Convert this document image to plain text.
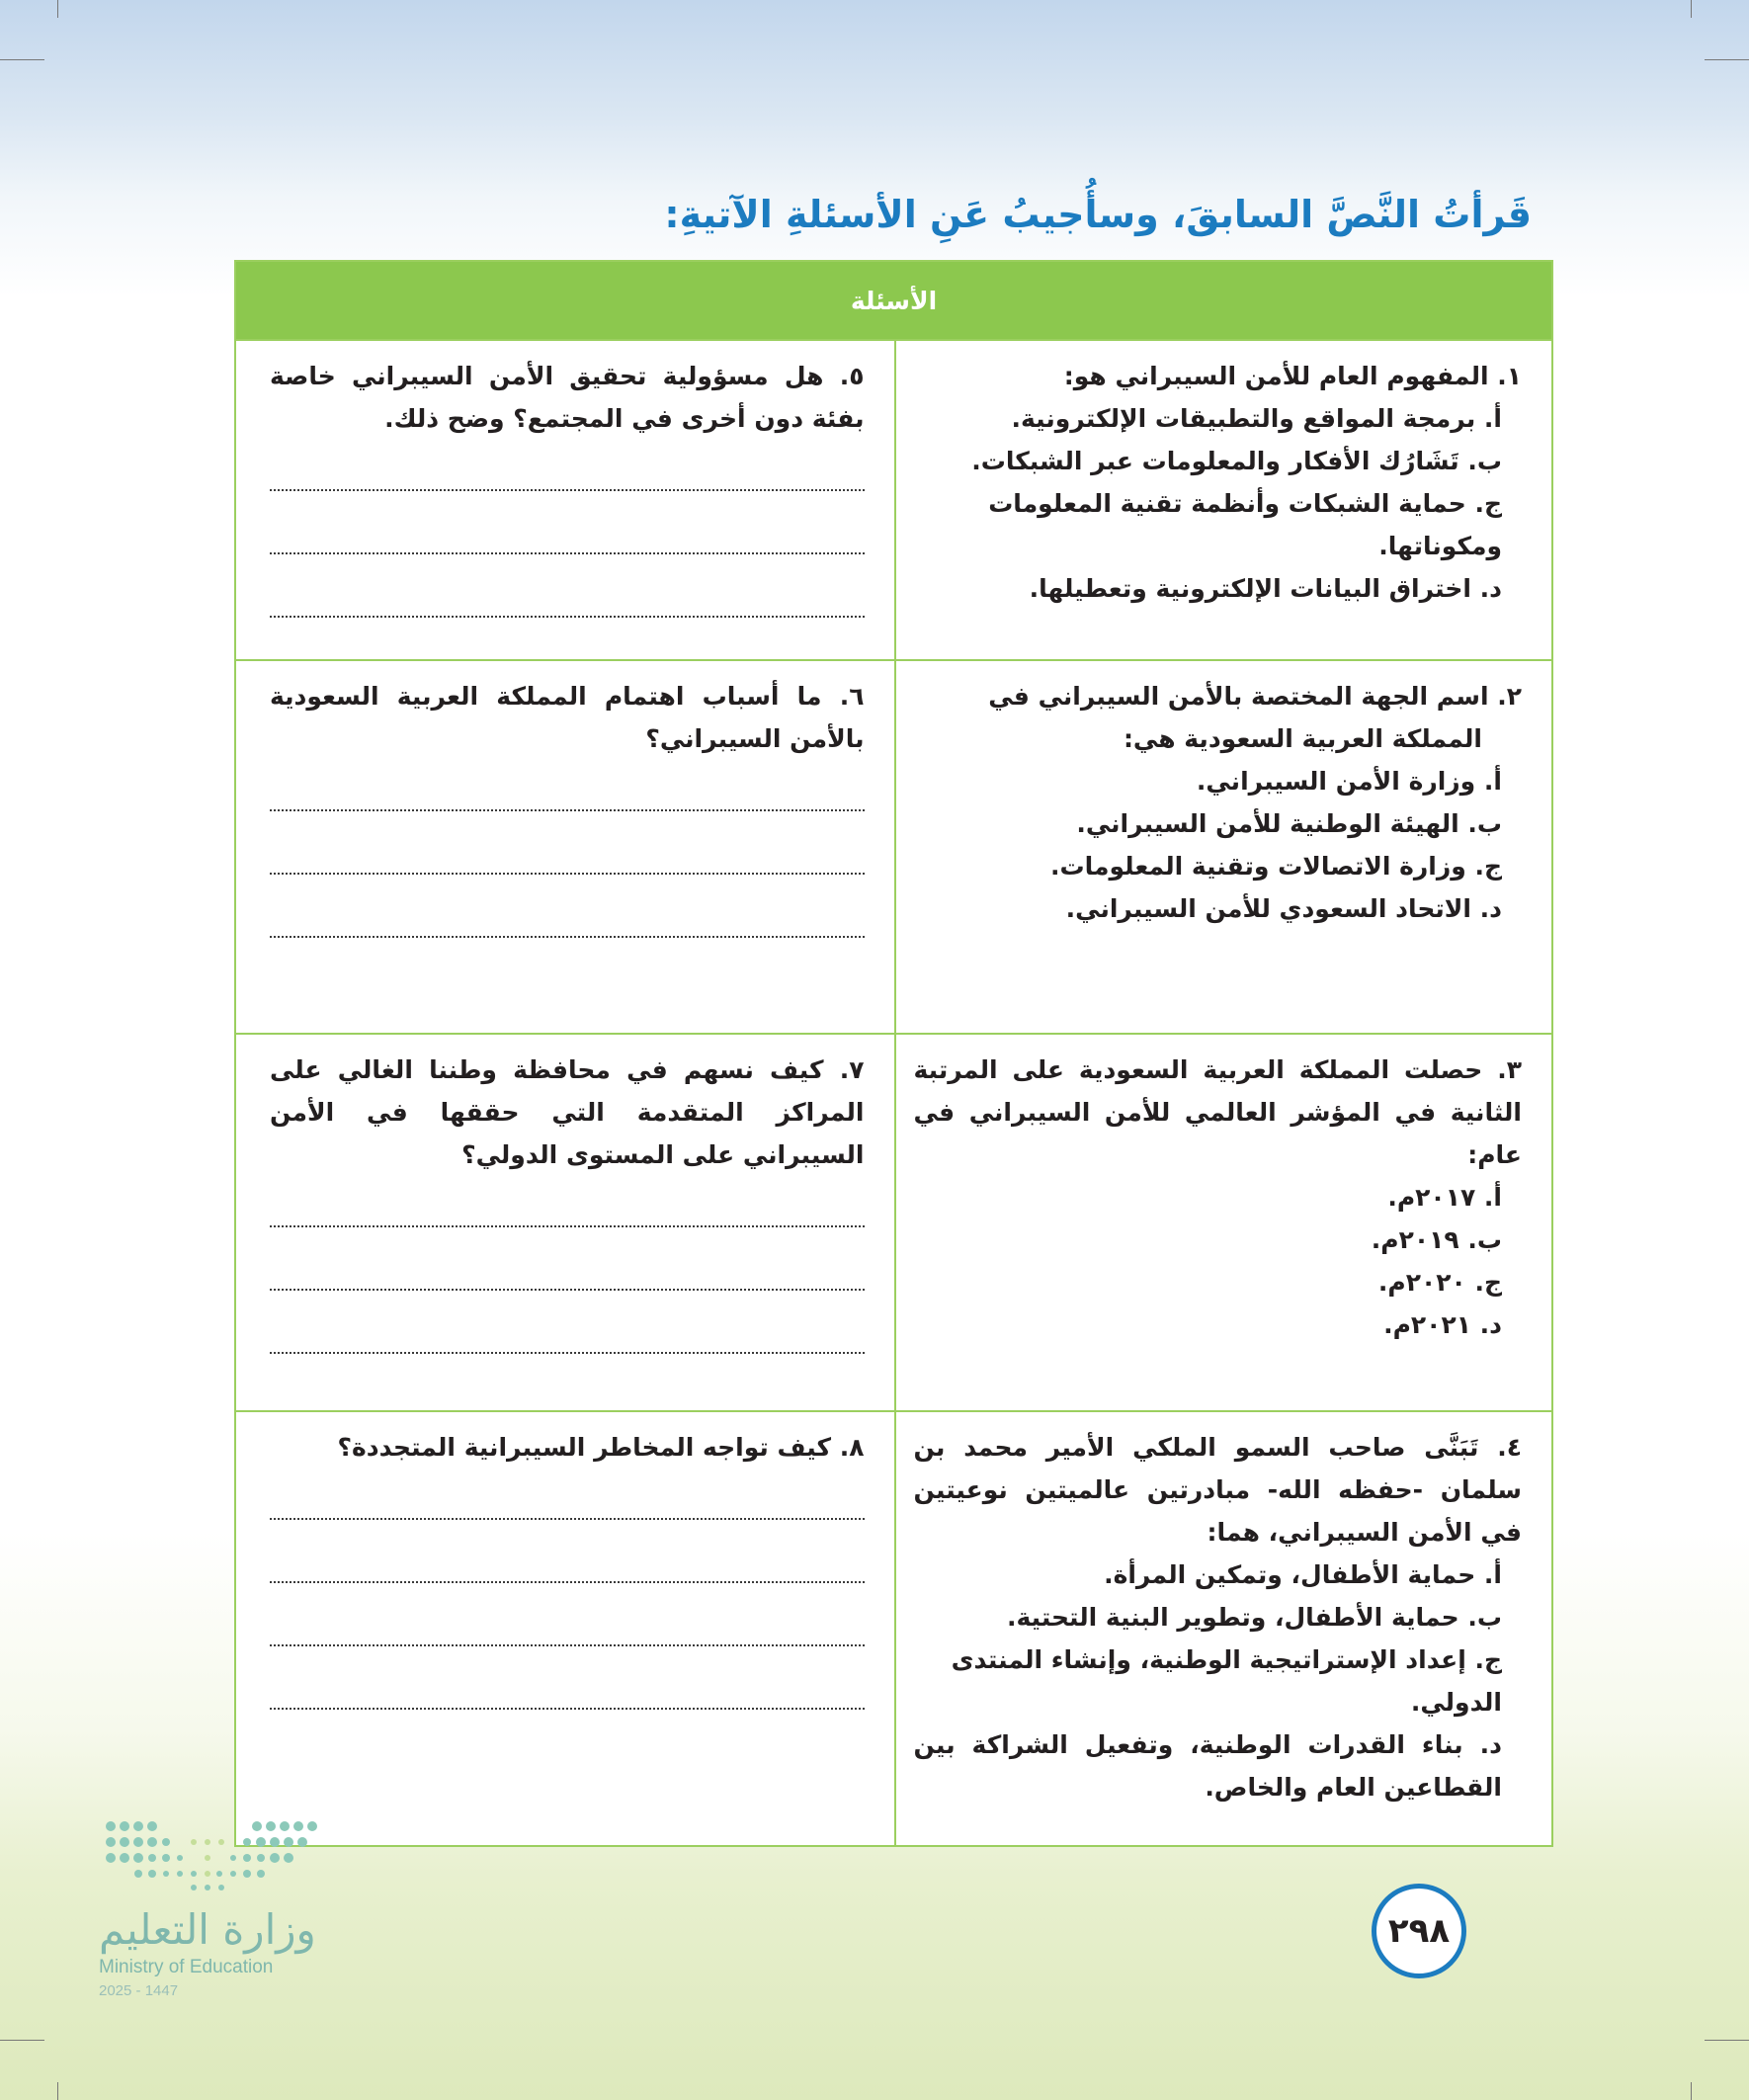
قَرأتُ النَّصَّ السابقَ، وسأُجيبُ عَنِ الأسئلةِ الآتيةِ:
الأسئلة
١. المفهوم العام للأمن السيبراني هو:
أ. برمجة المواقع والتطبيقات الإلكترونية.
ب. تَشَارُك الأفكار والمعلومات عبر الشبكات.
ج. حماية الشبكات وأنظمة تقنية المعلومات ومكوناتها.
د. اختراق البيانات الإلكترونية وتعطيلها.
٥. هل مسؤولية تحقيق الأمن السيبراني خاصة بفئة دون أخرى في المجتمع؟ وضح ذلك.
٢. اسم الجهة المختصة بالأمن السيبراني في
المملكة العربية السعودية هي:
أ. وزارة الأمن السيبراني.
ب. الهيئة الوطنية للأمن السيبراني.
ج. وزارة الاتصالات وتقنية المعلومات.
د. الاتحاد السعودي للأمن السيبراني.
٦. ما أسباب اهتمام المملكة العربية السعودية بالأمن السيبراني؟
٣. حصلت المملكة العربية السعودية على المرتبة الثانية في المؤشر العالمي للأمن السيبراني في عام:
أ. ٢٠١٧م.
ب. ٢٠١٩م.
ج. ٢٠٢٠م.
د. ٢٠٢١م.
٧. كيف نسهم في محافظة وطننا الغالي على المراكز المتقدمة التي حققها في الأمن السيبراني على المستوى الدولي؟
٤. تَبَنَّى صاحب السمو الملكي الأمير محمد بن سلمان -حفظه الله- مبادرتين عالميتين نوعيتين في الأمن السيبراني، هما:
أ. حماية الأطفال، وتمكين المرأة.
ب. حماية الأطفال، وتطوير البنية التحتية.
ج. إعداد الإستراتيجية الوطنية، وإنشاء المنتدى الدولي.
د. بناء القدرات الوطنية، وتفعيل الشراكة بين القطاعين العام والخاص.
٨. كيف تواجه المخاطر السيبرانية المتجددة؟
وزارة التعليم
Ministry of Education
2025 - 1447
٢٩٨
